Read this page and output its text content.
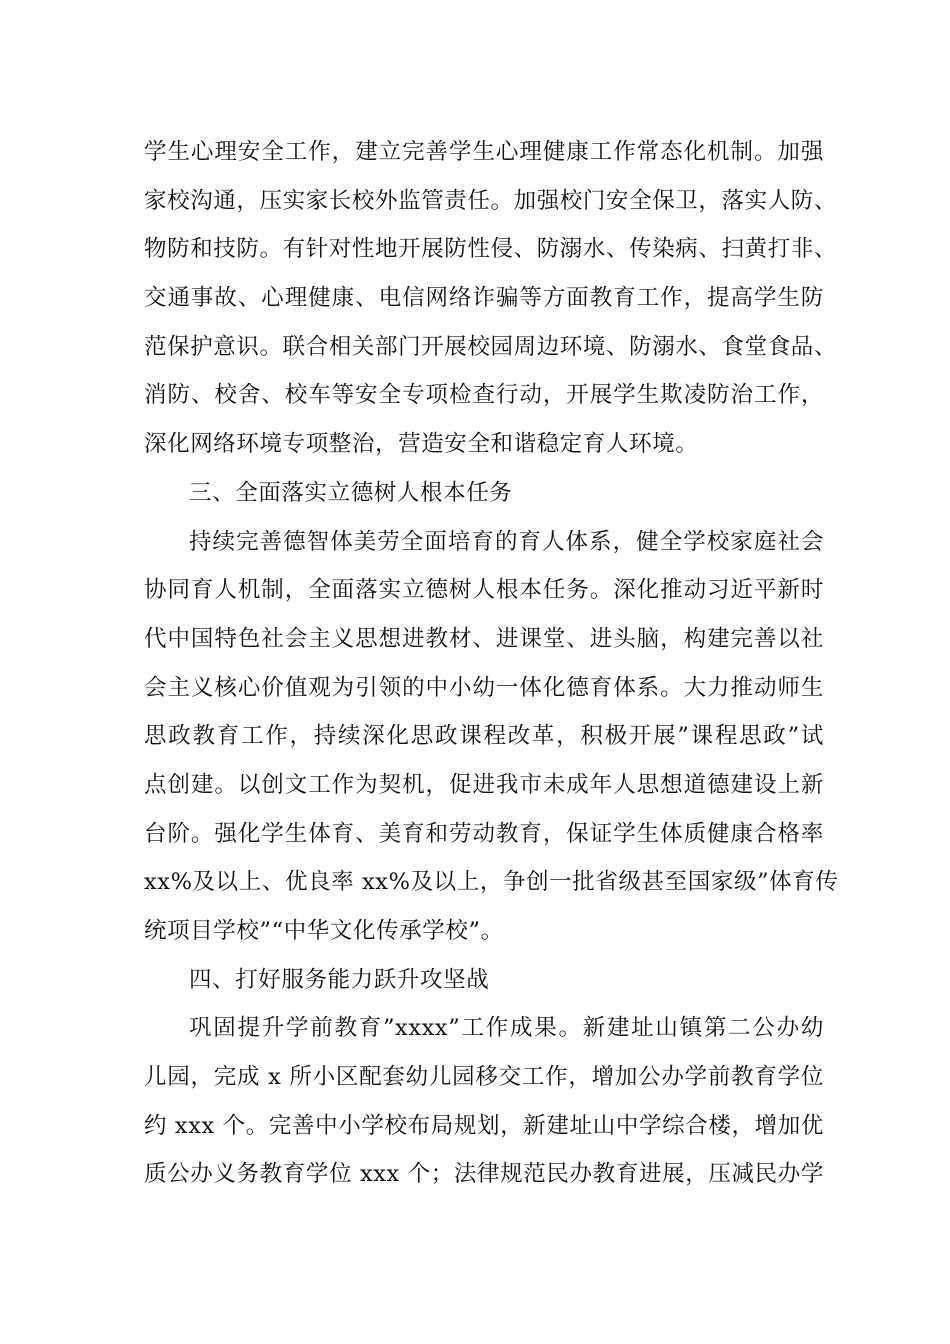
学生心理安全工作，建立完善学生心理健康工作常态化机制。加强
家校沟通，压实家长校外监管责任。加强校门安全保卫，落实人防、
物防和技防。有针对性地开展防性侵、防溺水、传染病、扫黄打非、
交通事故、心理健康、电信网络诈骗等方面教育工作，提高学生防
范保护意识。联合相关部门开展校园周边环境、防溺水、食堂食品、
消防、校舍、校车等安全专项检查行动，开展学生欺凌防治工作，
深化网络环境专项整治，营造安全和谐稳定育人环境。
三、全面落实立德树人根本任务
持续完善德智体美劳全面培育的育人体系，健全学校家庭社会
协同育人机制，全面落实立德树人根本任务。深化推动习近平新时
代中国特色社会主义思想进教材、进课堂、进头脑，构建完善以社
会主义核心价值观为引领的中小幼一体化德育体系。大力推动师生
思政教育工作，持续深化思政课程改革，积极开展”课程思政”试
点创建。以创文工作为契机，促进我市未成年人思想道德建设上新
台阶。强化学生体育、美育和劳动教育，保证学生体质健康合格率
xx%及以上、优良率 xx%及以上，争创一批省级甚至国家级”体育传
统项目学校”“中华文化传承学校”。
四、打好服务能力跃升攻坚战
巩固提升学前教育”xxxx”工作成果。新建址山镇第二公办幼
儿园，完成 x 所小区配套幼儿园移交工作，增加公办学前教育学位
约 xxx 个。完善中小学校布局规划，新建址山中学综合楼，增加优
质公办义务教育学位 xxx 个；法律规范民办教育进展，压减民办学
